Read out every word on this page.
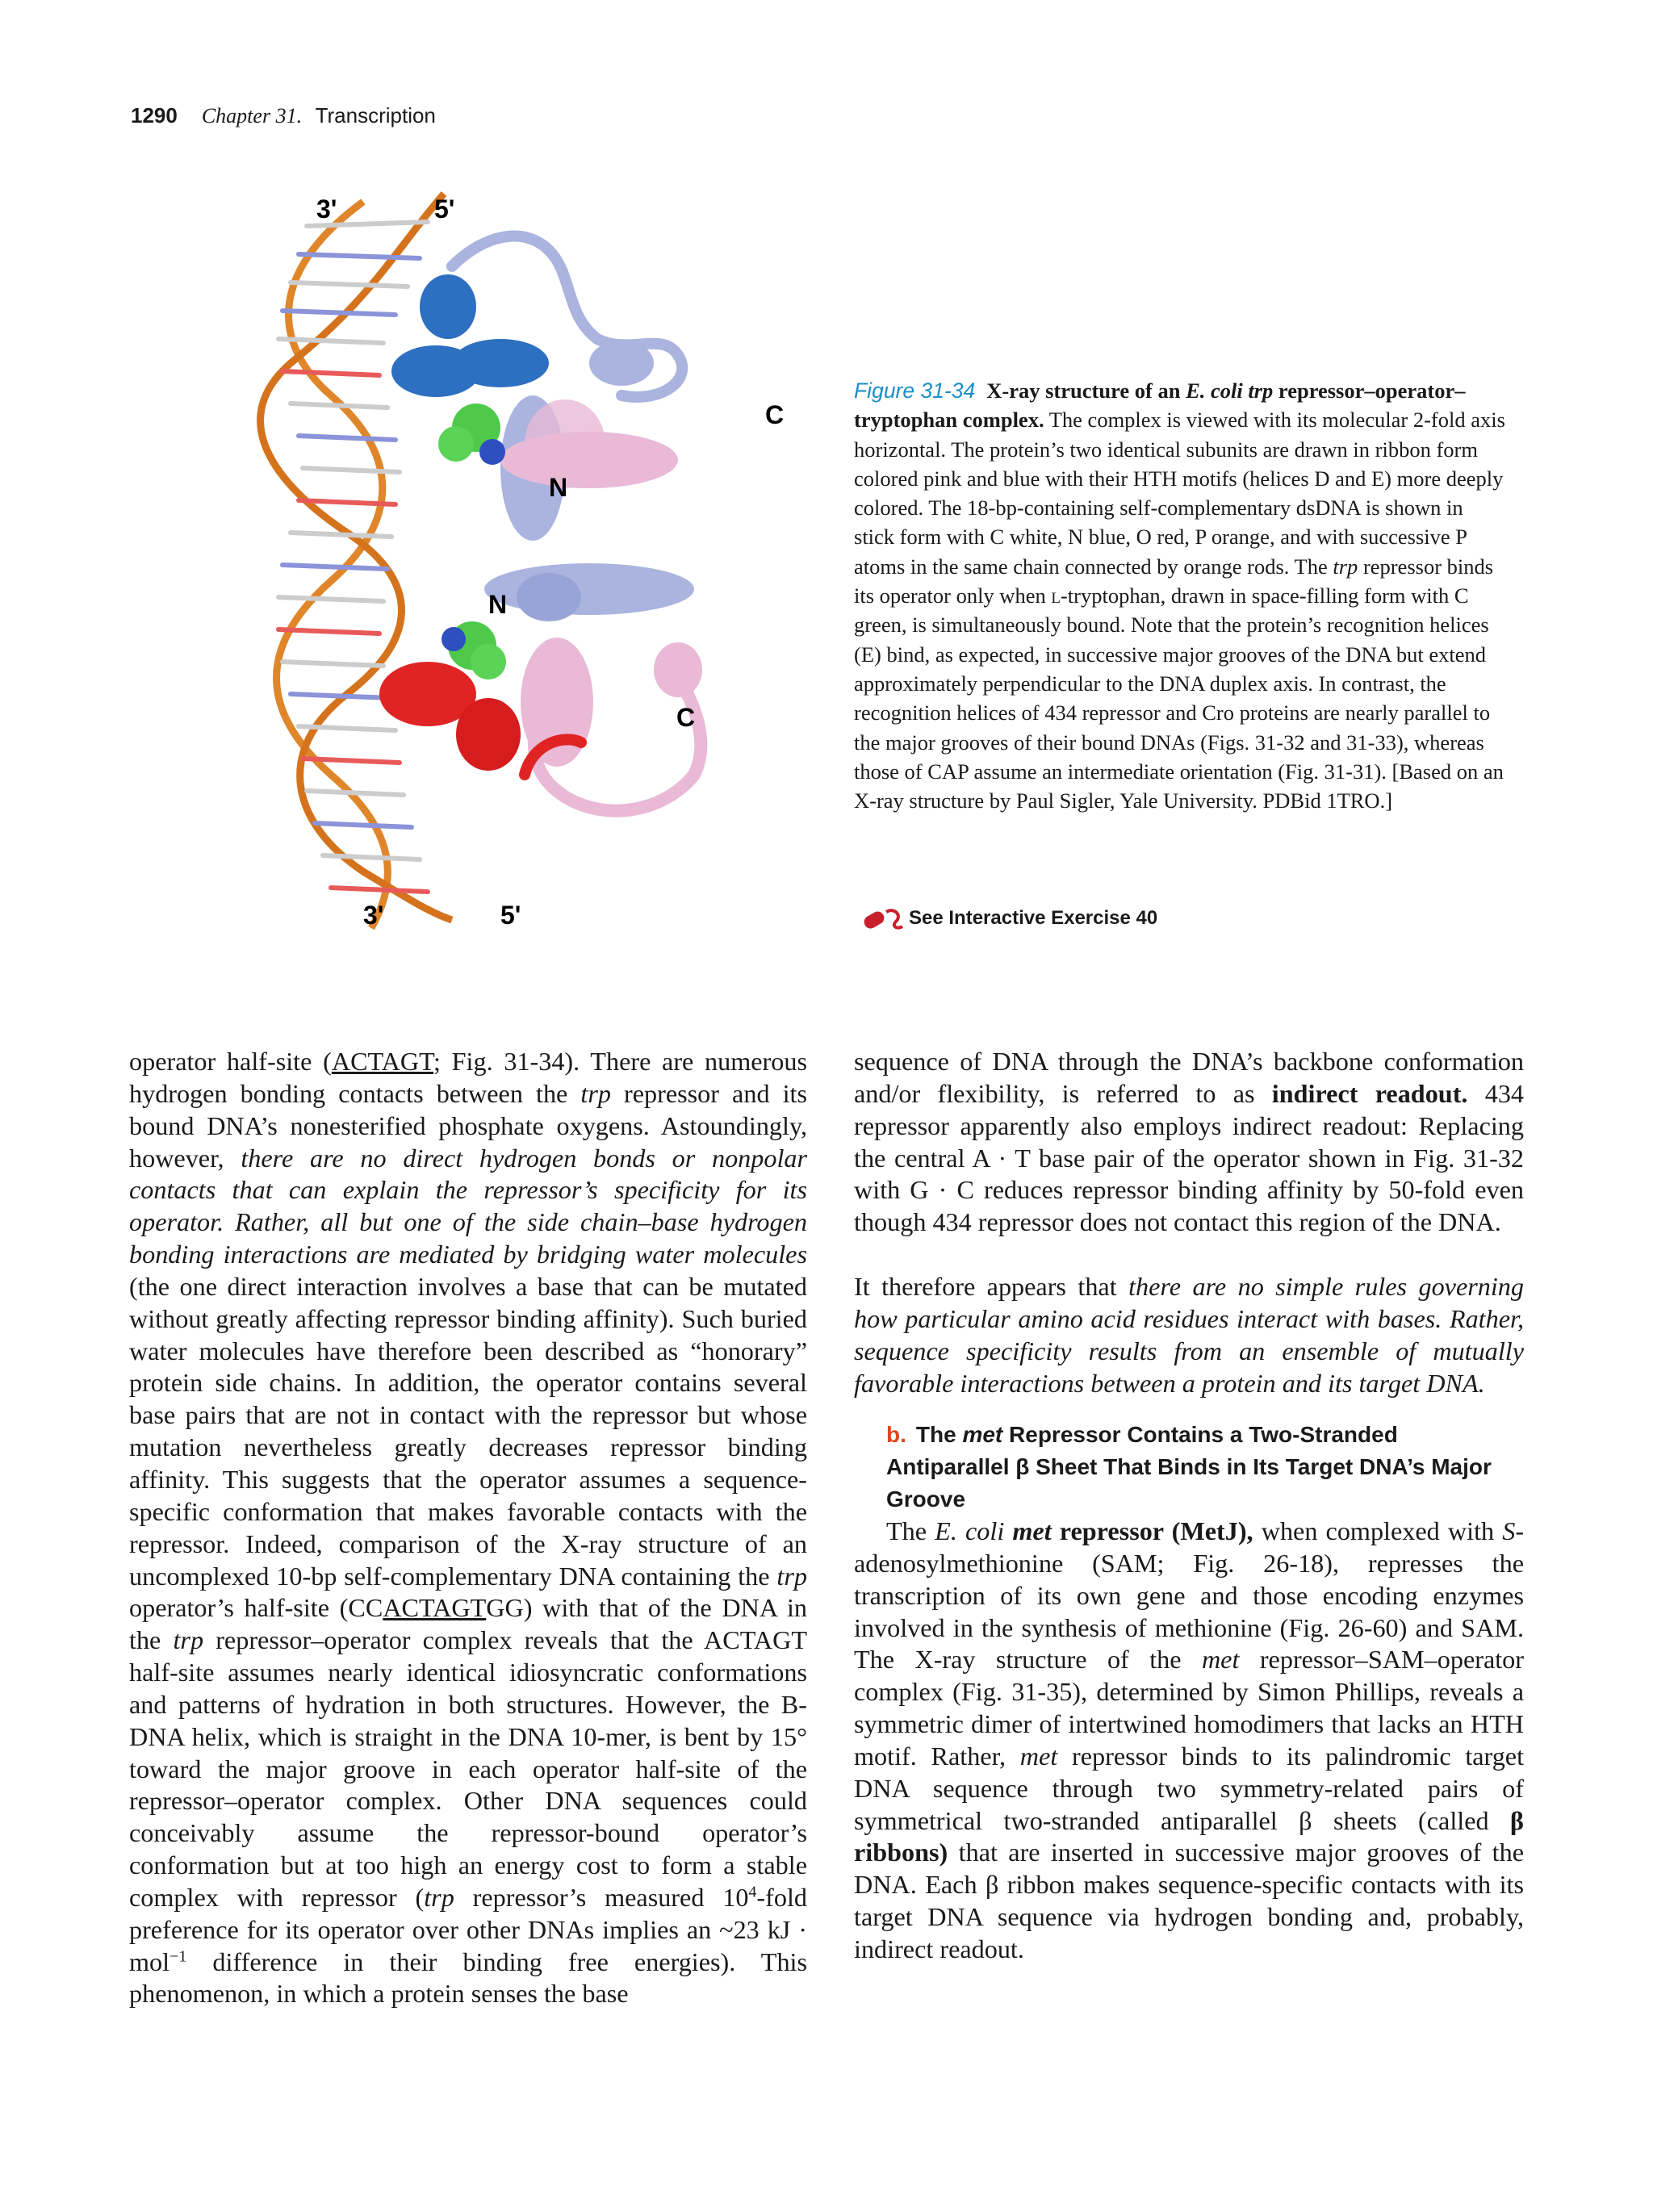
1290 Chapter 31. Transcription
3'	5'
C
N
N
C
3'	5'
Figure 31-34 X-ray structure of an E. coli trp repressor–operator–tryptophan complex. The complex is viewed with its molecular 2-fold axis horizontal. The protein’s two identical subunits are drawn in ribbon form colored pink and blue with their HTH motifs (helices D and E) more deeply colored. The 18-bp-containing self-complementary dsDNA is shown in stick form with C white, N blue, O red, P orange, and with successive P atoms in the same chain connected by orange rods. The trp repressor binds its operator only when l-tryptophan, drawn in space-filling form with C green, is simultaneously bound. Note that the protein’s recognition helices (E) bind, as expected, in successive major grooves of the DNA but extend approximately perpendicular to the DNA duplex axis. In contrast, the recognition helices of 434 repressor and Cro proteins are nearly parallel to the major grooves of their bound DNAs (Figs. 31-32 and 31-33), whereas those of CAP assume an intermediate orientation (Fig. 31-31). [Based on an X-ray structure by Paul Sigler, Yale University. PDBid 1TRO.]
See Interactive Exercise 40

operator half-site (ACTAGT; Fig. 31-34). There are numerous hydrogen bonding contacts between the trp repressor and its bound DNA’s nonesterified phosphate oxygens. Astoundingly, however, there are no direct hydrogen bonds or nonpolar contacts that can explain the repressor’s specificity for its operator. Rather, all but one of the side chain–base hydrogen bonding interactions are mediated by bridging water molecules (the one direct interaction involves a base that can be mutated without greatly affecting repressor binding affinity). Such buried water molecules have therefore been described as “honorary” protein side chains. In addition, the operator contains several base pairs that are not in contact with the repressor but whose mutation nevertheless greatly decreases repressor binding affinity. This suggests that the operator assumes a sequence-specific conformation that makes favorable contacts with the repressor. Indeed, comparison of the X-ray structure of an uncomplexed 10-bp self-complementary DNA containing the trp operator’s half-site (CCACTAGTGG) with that of the DNA in the trp repressor–operator complex reveals that the ACTAGT half-site assumes nearly identical idiosyncratic conformations and patterns of hydration in both structures. However, the B-DNA helix, which is straight in the DNA 10-mer, is bent by 15° toward the major groove in each operator half-site of the repressor–operator complex. Other DNA sequences could conceivably assume the repressor-bound operator’s conformation but at too high an energy cost to form a stable complex with repressor (trp repressor’s measured $10^4$-fold preference for its operator over other DNAs implies an ~23 kJ · mol$^{-1}$ difference in their binding free energies). This phenomenon, in which a protein senses the base

sequence of DNA through the DNA’s backbone conformation and/or flexibility, is referred to as indirect readout. 434 repressor apparently also employs indirect readout: Replacing the central A · T base pair of the operator shown in Fig. 31-32 with G · C reduces repressor binding affinity by 50-fold even though 434 repressor does not contact this region of the DNA.

It therefore appears that there are no simple rules governing how particular amino acid residues interact with bases. Rather, sequence specificity results from an ensemble of mutually favorable interactions between a protein and its target DNA.

b. The met Repressor Contains a Two-Stranded Antiparallel β Sheet That Binds in Its Target DNA’s Major Groove

The E. coli met repressor (MetJ), when complexed with S-adenosylmethionine (SAM; Fig. 26-18), represses the transcription of its own gene and those encoding enzymes involved in the synthesis of methionine (Fig. 26-60) and SAM. The X-ray structure of the met repressor–SAM–operator complex (Fig. 31-35), determined by Simon Phillips, reveals a symmetric dimer of intertwined homodimers that lacks an HTH motif. Rather, met repressor binds to its palindromic target DNA sequence through two symmetry-related pairs of symmetrical two-stranded antiparallel β sheets (called β ribbons) that are inserted in successive major grooves of the DNA. Each β ribbon makes sequence-specific contacts with its target DNA sequence via hydrogen bonding and, probably, indirect readout.
